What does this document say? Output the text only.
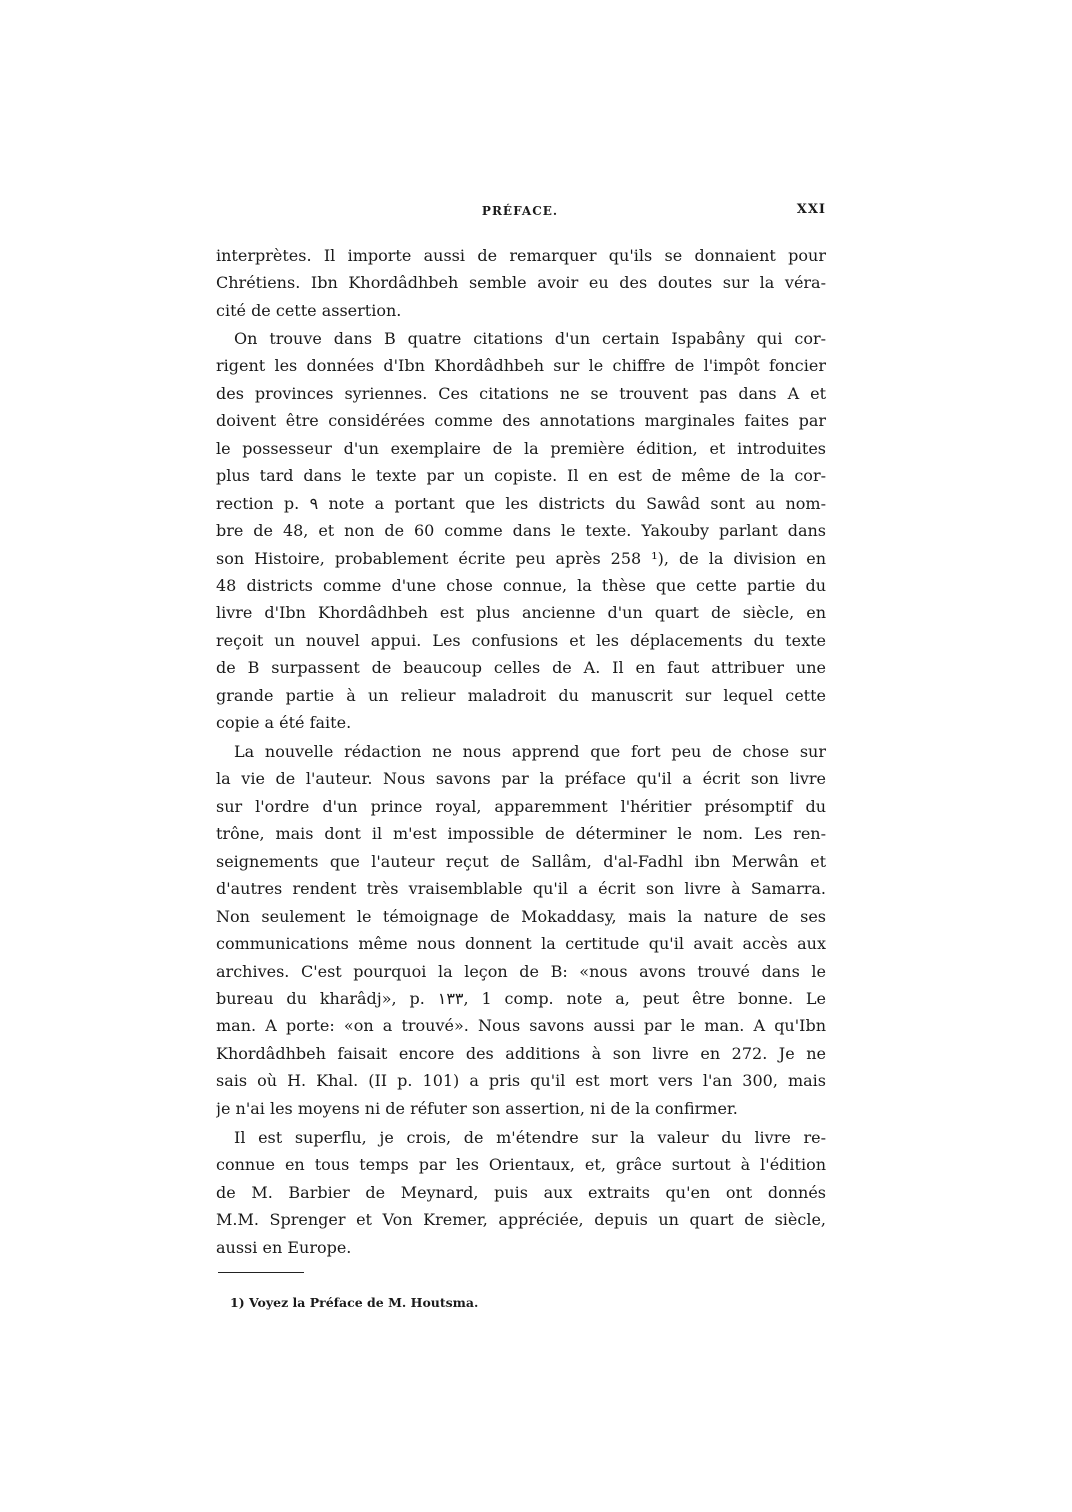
PRÉFACE.	XXI
interprètes. Il importe aussi de remarquer qu'ils se donnaient pour
Chrétiens. Ibn Khordâdhbeh semble avoir eu des doutes sur la véra-
cité de cette assertion.
On trouve dans B quatre citations d'un certain Ispabâny qui cor-
rigent les données d'Ibn Khordâdhbeh sur le chiffre de l'impôt foncier
des provinces syriennes. Ces citations ne se trouvent pas dans A et
doivent être considérées comme des annotations marginales faites par
le possesseur d'un exemplaire de la première édition, et introduites
plus tard dans le texte par un copiste. Il en est de même de la cor-
rection p. ٩ note a portant que les districts du Sawâd sont au nom-
bre de 48, et non de 60 comme dans le texte. Yakouby parlant dans
son Histoire, probablement écrite peu après 258 ¹), de la division en
48 districts comme d'une chose connue, la thèse que cette partie du
livre d'Ibn Khordâdhbeh est plus ancienne d'un quart de siècle, en
reçoit un nouvel appui. Les confusions et les déplacements du texte
de B surpassent de beaucoup celles de A. Il en faut attribuer une
grande partie à un relieur maladroit du manuscrit sur lequel cette
copie a été faite.
La nouvelle rédaction ne nous apprend que fort peu de chose sur
la vie de l'auteur. Nous savons par la préface qu'il a écrit son livre
sur l'ordre d'un prince royal, apparemment l'héritier présomptif du
trône, mais dont il m'est impossible de déterminer le nom. Les ren-
seignements que l'auteur reçut de Sallâm, d'al-Fadhl ibn Merwân et
d'autres rendent très vraisemblable qu'il a écrit son livre à Samarra.
Non seulement le témoignage de Mokaddasy, mais la nature de ses
communications même nous donnent la certitude qu'il avait accès aux
archives. C'est pourquoi la leçon de B: «nous avons trouvé dans le
bureau du kharâdj», p. ١٣٣, 1 comp. note a, peut être bonne. Le
man. A porte: «on a trouvé». Nous savons aussi par le man. A qu'Ibn
Khordâdhbeh faisait encore des additions à son livre en 272. Je ne
sais où H. Khal. (II p. 101) a pris qu'il est mort vers l'an 300, mais
je n'ai les moyens ni de réfuter son assertion, ni de la confirmer.
Il est superflu, je crois, de m'étendre sur la valeur du livre re-
connue en tous temps par les Orientaux, et, grâce surtout à l'édition
de M. Barbier de Meynard, puis aux extraits qu'en ont donnés
M.M. Sprenger et Von Kremer, appréciée, depuis un quart de siècle,
aussi en Europe.
1) Voyez la Préface de M. Houtsma.
